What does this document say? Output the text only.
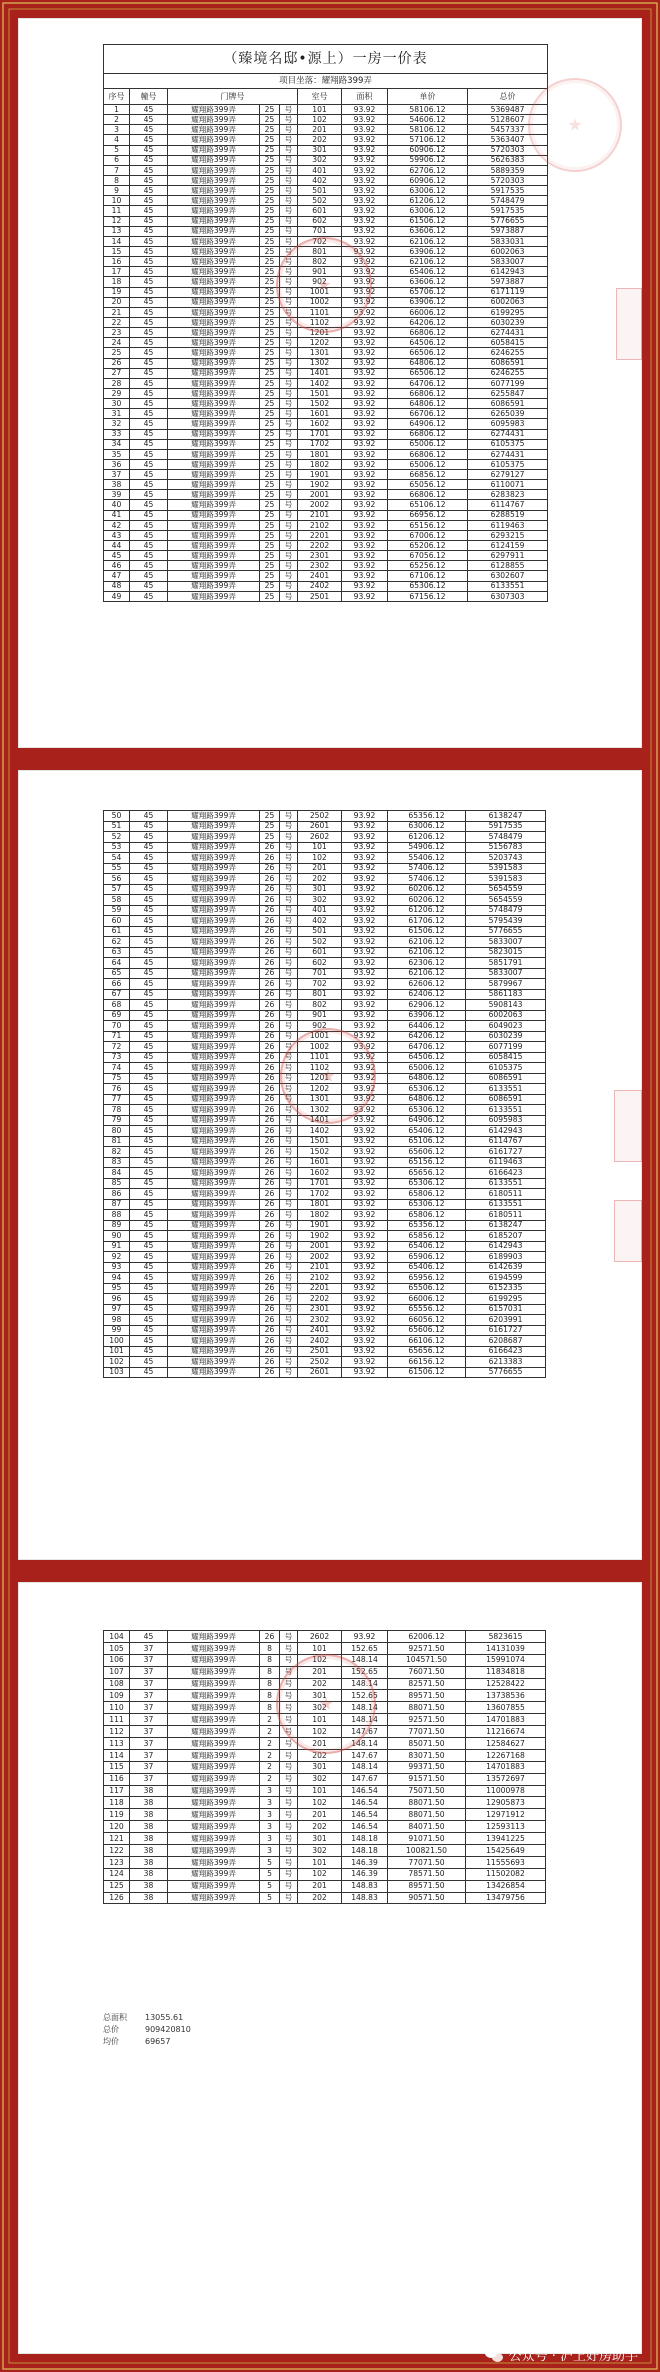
（臻境名邸•源上）一房一价表								
项目坐落：耀翔路399弄								
序号	幢号	门牌号			室号	面积	单价	总价
1	45	耀翔路399弄	25	号	101	93.92	58106.12	5369487
2	45	耀翔路399弄	25	号	102	93.92	54606.12	5128607
3	45	耀翔路399弄	25	号	201	93.92	58106.12	5457337
4	45	耀翔路399弄	25	号	202	93.92	57106.12	5363407
5	45	耀翔路399弄	25	号	301	93.92	60906.12	5720303
6	45	耀翔路399弄	25	号	302	93.92	59906.12	5626383
7	45	耀翔路399弄	25	号	401	93.92	62706.12	5889359
8	45	耀翔路399弄	25	号	402	93.92	60906.12	5720303
9	45	耀翔路399弄	25	号	501	93.92	63006.12	5917535
10	45	耀翔路399弄	25	号	502	93.92	61206.12	5748479
11	45	耀翔路399弄	25	号	601	93.92	63006.12	5917535
12	45	耀翔路399弄	25	号	602	93.92	61506.12	5776655
13	45	耀翔路399弄	25	号	701	93.92	63606.12	5973887
14	45	耀翔路399弄	25	号	702	93.92	62106.12	5833031
15	45	耀翔路399弄	25	号	801	93.92	63906.12	6002063
16	45	耀翔路399弄	25	号	802	93.92	62106.12	5833007
17	45	耀翔路399弄	25	号	901	93.92	65406.12	6142943
18	45	耀翔路399弄	25	号	902	93.92	63606.12	5973887
19	45	耀翔路399弄	25	号	1001	93.92	65706.12	6171119
20	45	耀翔路399弄	25	号	1002	93.92	63906.12	6002063
21	45	耀翔路399弄	25	号	1101	93.92	66006.12	6199295
22	45	耀翔路399弄	25	号	1102	93.92	64206.12	6030239
23	45	耀翔路399弄	25	号	1201	93.92	66806.12	6274431
24	45	耀翔路399弄	25	号	1202	93.92	64506.12	6058415
25	45	耀翔路399弄	25	号	1301	93.92	66506.12	6246255
26	45	耀翔路399弄	25	号	1302	93.92	64806.12	6086591
27	45	耀翔路399弄	25	号	1401	93.92	66506.12	6246255
28	45	耀翔路399弄	25	号	1402	93.92	64706.12	6077199
29	45	耀翔路399弄	25	号	1501	93.92	66806.12	6255847
30	45	耀翔路399弄	25	号	1502	93.92	64806.12	6086591
31	45	耀翔路399弄	25	号	1601	93.92	66706.12	6265039
32	45	耀翔路399弄	25	号	1602	93.92	64906.12	6095983
33	45	耀翔路399弄	25	号	1701	93.92	66806.12	6274431
34	45	耀翔路399弄	25	号	1702	93.92	65006.12	6105375
35	45	耀翔路399弄	25	号	1801	93.92	66806.12	6274431
36	45	耀翔路399弄	25	号	1802	93.92	65006.12	6105375
37	45	耀翔路399弄	25	号	1901	93.92	66856.12	6279127
38	45	耀翔路399弄	25	号	1902	93.92	65056.12	6110071
39	45	耀翔路399弄	25	号	2001	93.92	66806.12	6283823
40	45	耀翔路399弄	25	号	2002	93.92	65106.12	6114767
41	45	耀翔路399弄	25	号	2101	93.92	66956.12	6288519
42	45	耀翔路399弄	25	号	2102	93.92	65156.12	6119463
43	45	耀翔路399弄	25	号	2201	93.92	67006.12	6293215
44	45	耀翔路399弄	25	号	2202	93.92	65206.12	6124159
45	45	耀翔路399弄	25	号	2301	93.92	67056.12	6297911
46	45	耀翔路399弄	25	号	2302	93.92	65256.12	6128855
47	45	耀翔路399弄	25	号	2401	93.92	67106.12	6302607
48	45	耀翔路399弄	25	号	2402	93.92	65306.12	6133551
49	45	耀翔路399弄	25	号	2501	93.92	67156.12	6307303
50	45	耀翔路399弄	25	号	2502	93.92	65356.12	6138247
51	45	耀翔路399弄	25	号	2601	93.92	63006.12	5917535
52	45	耀翔路399弄	25	号	2602	93.92	61206.12	5748479
53	45	耀翔路399弄	26	号	101	93.92	54906.12	5156783
54	45	耀翔路399弄	26	号	102	93.92	55406.12	5203743
55	45	耀翔路399弄	26	号	201	93.92	57406.12	5391583
56	45	耀翔路399弄	26	号	202	93.92	57406.12	5391583
57	45	耀翔路399弄	26	号	301	93.92	60206.12	5654559
58	45	耀翔路399弄	26	号	302	93.92	60206.12	5654559
59	45	耀翔路399弄	26	号	401	93.92	61206.12	5748479
60	45	耀翔路399弄	26	号	402	93.92	61706.12	5795439
61	45	耀翔路399弄	26	号	501	93.92	61506.12	5776655
62	45	耀翔路399弄	26	号	502	93.92	62106.12	5833007
63	45	耀翔路399弄	26	号	601	93.92	62106.12	5823015
64	45	耀翔路399弄	26	号	602	93.92	62306.12	5851791
65	45	耀翔路399弄	26	号	701	93.92	62106.12	5833007
66	45	耀翔路399弄	26	号	702	93.92	62606.12	5879967
67	45	耀翔路399弄	26	号	801	93.92	62406.12	5861183
68	45	耀翔路399弄	26	号	802	93.92	62906.12	5908143
69	45	耀翔路399弄	26	号	901	93.92	63906.12	6002063
70	45	耀翔路399弄	26	号	902	93.92	64406.12	6049023
71	45	耀翔路399弄	26	号	1001	93.92	64206.12	6030239
72	45	耀翔路399弄	26	号	1002	93.92	64706.12	6077199
73	45	耀翔路399弄	26	号	1101	93.92	64506.12	6058415
74	45	耀翔路399弄	26	号	1102	93.92	65006.12	6105375
75	45	耀翔路399弄	26	号	1201	93.92	64806.12	6086591
76	45	耀翔路399弄	26	号	1202	93.92	65306.12	6133551
77	45	耀翔路399弄	26	号	1301	93.92	64806.12	6086591
78	45	耀翔路399弄	26	号	1302	93.92	65306.12	6133551
79	45	耀翔路399弄	26	号	1401	93.92	64906.12	6095983
80	45	耀翔路399弄	26	号	1402	93.92	65406.12	6142943
81	45	耀翔路399弄	26	号	1501	93.92	65106.12	6114767
82	45	耀翔路399弄	26	号	1502	93.92	65606.12	6161727
83	45	耀翔路399弄	26	号	1601	93.92	65156.12	6119463
84	45	耀翔路399弄	26	号	1602	93.92	65656.12	6166423
85	45	耀翔路399弄	26	号	1701	93.92	65306.12	6133551
86	45	耀翔路399弄	26	号	1702	93.92	65806.12	6180511
87	45	耀翔路399弄	26	号	1801	93.92	65306.12	6133551
88	45	耀翔路399弄	26	号	1802	93.92	65806.12	6180511
89	45	耀翔路399弄	26	号	1901	93.92	65356.12	6138247
90	45	耀翔路399弄	26	号	1902	93.92	65856.12	6185207
91	45	耀翔路399弄	26	号	2001	93.92	65406.12	6142943
92	45	耀翔路399弄	26	号	2002	93.92	65906.12	6189903
93	45	耀翔路399弄	26	号	2101	93.92	65406.12	6142639
94	45	耀翔路399弄	26	号	2102	93.92	65956.12	6194599
95	45	耀翔路399弄	26	号	2201	93.92	65506.12	6152335
96	45	耀翔路399弄	26	号	2202	93.92	66006.12	6199295
97	45	耀翔路399弄	26	号	2301	93.92	65556.12	6157031
98	45	耀翔路399弄	26	号	2302	93.92	66056.12	6203991
99	45	耀翔路399弄	26	号	2401	93.92	65606.12	6161727
100	45	耀翔路399弄	26	号	2402	93.92	66106.12	6208687
101	45	耀翔路399弄	26	号	2501	93.92	65656.12	6166423
102	45	耀翔路399弄	26	号	2502	93.92	66156.12	6213383
103	45	耀翔路399弄	26	号	2601	93.92	61506.12	5776655
104	45	耀翔路399弄	26	号	2602	93.92	62006.12	5823615
105	37	耀翔路399弄	8	号	101	152.65	92571.50	14131039
106	37	耀翔路399弄	8	号	102	148.14	104571.50	15991074
107	37	耀翔路399弄	8	号	201	152.65	76071.50	11834818
108	37	耀翔路399弄	8	号	202	148.14	82571.50	12528422
109	37	耀翔路399弄	8	号	301	152.65	89571.50	13738536
110	37	耀翔路399弄	8	号	302	148.14	88071.50	13607855
111	37	耀翔路399弄	2	号	101	148.14	92571.50	14701883
112	37	耀翔路399弄	2	号	102	147.67	77071.50	11216674
113	37	耀翔路399弄	2	号	201	148.14	85071.50	12584627
114	37	耀翔路399弄	2	号	202	147.67	83071.50	12267168
115	37	耀翔路399弄	2	号	301	148.14	99371.50	14701883
116	37	耀翔路399弄	2	号	302	147.67	91571.50	13572697
117	38	耀翔路399弄	3	号	101	146.54	75071.50	11000978
118	38	耀翔路399弄	3	号	102	146.54	88071.50	12905873
119	38	耀翔路399弄	3	号	201	146.54	88071.50	12971912
120	38	耀翔路399弄	3	号	202	146.54	84071.50	12593113
121	38	耀翔路399弄	3	号	301	148.18	91071.50	13941225
122	38	耀翔路399弄	3	号	302	148.18	100821.50	15425649
123	38	耀翔路399弄	5	号	101	146.39	77071.50	11555693
124	38	耀翔路399弄	5	号	102	146.39	78571.50	11502082
125	38	耀翔路399弄	5	号	201	148.83	89571.50	13426854
126	38	耀翔路399弄	5	号	202	148.83	90571.50	13479756
总面积 13055.61
总价	909420810
均价	69657
公众号 · 沪上好房助手
